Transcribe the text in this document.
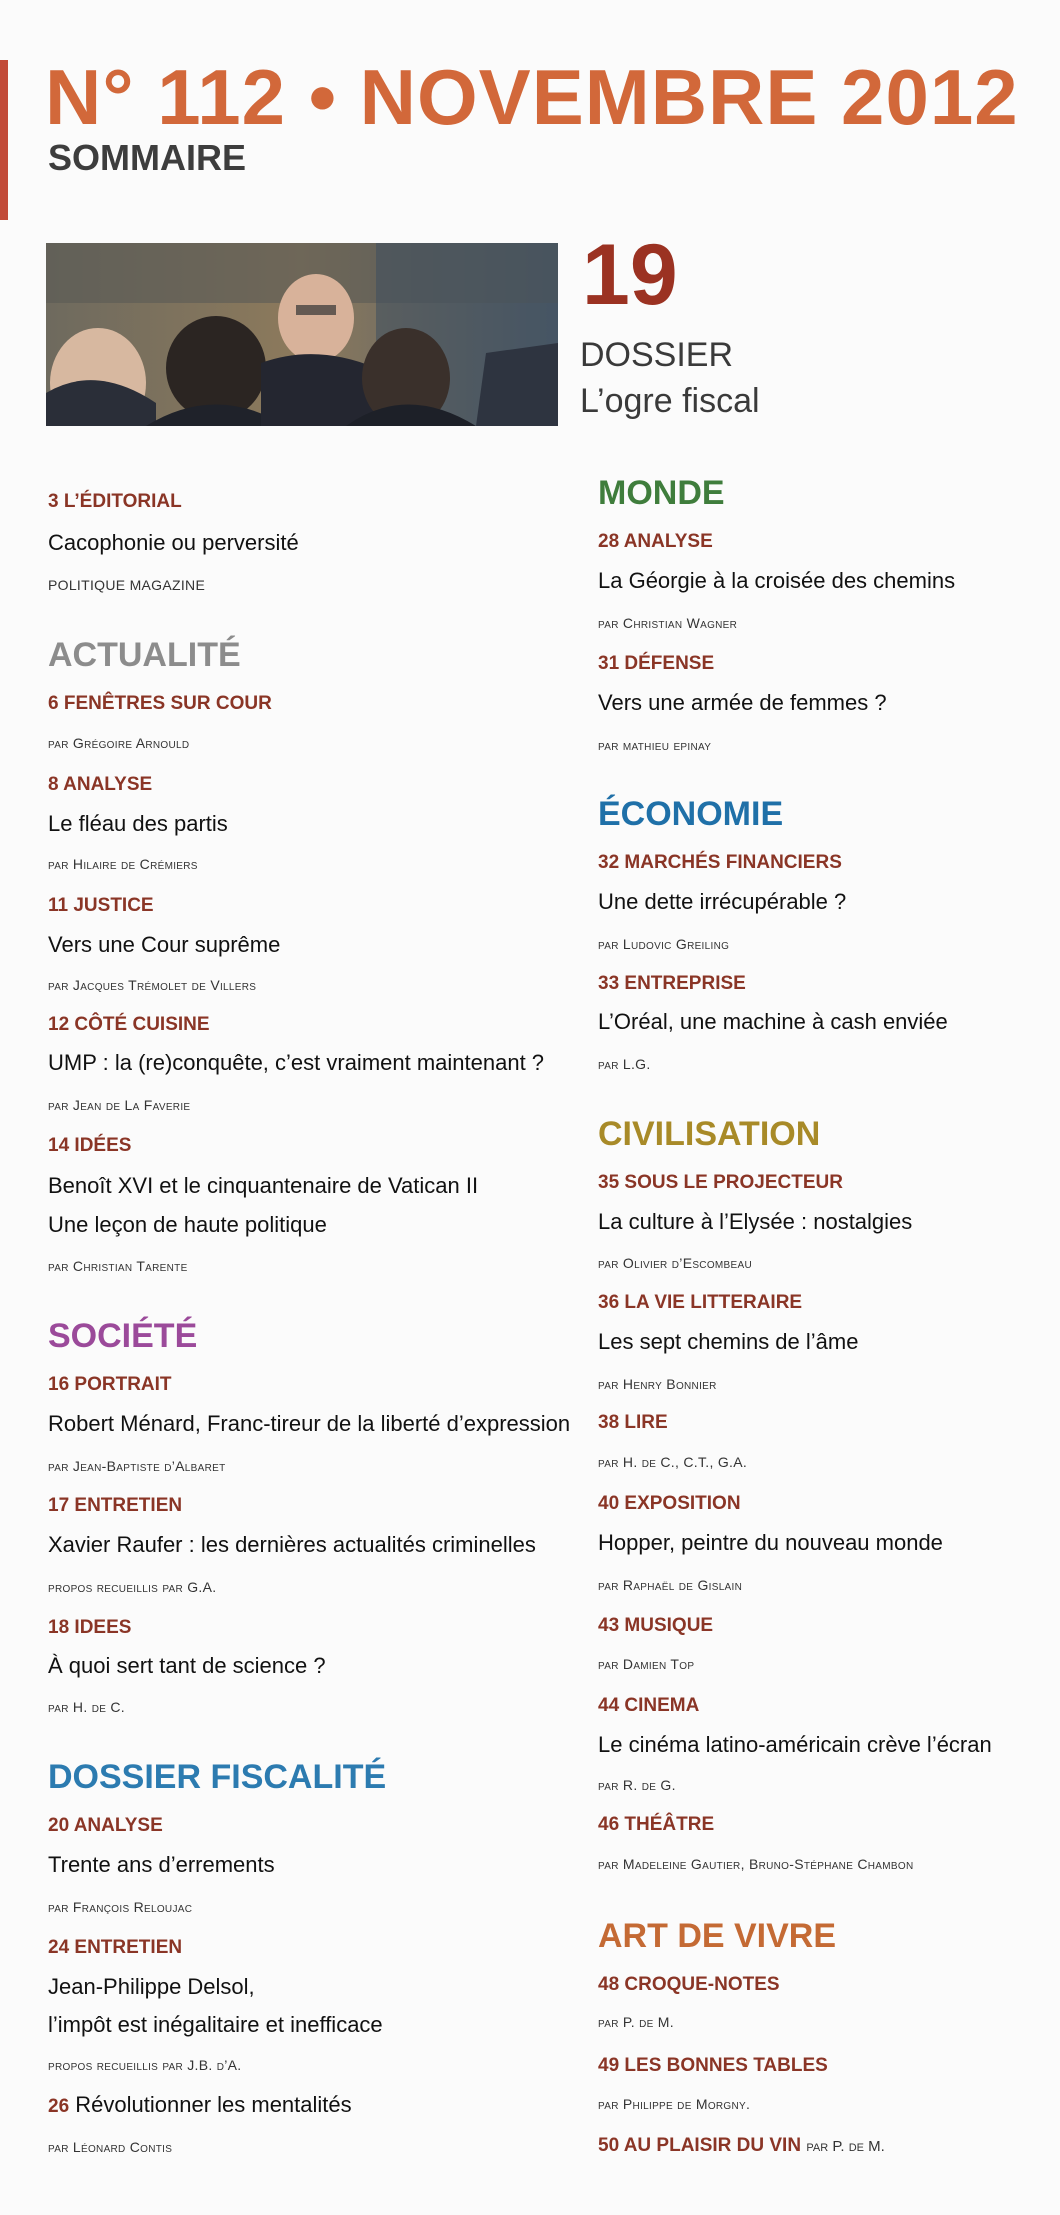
N° 112 • NOVEMBRE 2012
SOMMAIRE
19
DOSSIER
L’ogre fiscal
3 L’ÉDITORIAL
Cacophonie ou perversité
POLITIQUE MAGAZINE
ACTUALITÉ
6 FENÊTRES SUR COUR
par Grégoire Arnould
8 ANALYSE
Le fléau des partis
par Hilaire de Crémiers
11 JUSTICE
Vers une Cour suprême
par Jacques Trémolet de Villers
12 CÔTÉ CUISINE
UMP : la (re)conquête, c’est vraiment maintenant ?
par Jean de La Faverie
14 IDÉES
Benoît XVI et le cinquantenaire de Vatican II
Une leçon de haute politique
par Christian Tarente
SOCIÉTÉ
16 PORTRAIT
Robert Ménard, Franc-tireur de la liberté d’expression
par Jean-Baptiste d’Albaret
17 ENTRETIEN
Xavier Raufer : les dernières actualités criminelles
propos recueillis par G.A.
18 IDEES
À quoi sert tant de science ?
par H. de C.
DOSSIER FISCALITÉ
20 ANALYSE
Trente ans d’errements
par François Reloujac
24 ENTRETIEN
Jean-Philippe Delsol,
l’impôt est inégalitaire et inefficace
propos recueillis par J.B. d’A.
26 Révolutionner les mentalités
par Léonard Contis
MONDE
28 ANALYSE
La Géorgie à la croisée des chemins
par Christian Wagner
31 DÉFENSE
Vers une armée de femmes ?
par mathieu epinay
ÉCONOMIE
32 MARCHÉS FINANCIERS
Une dette irrécupérable ?
par Ludovic Greiling
33 ENTREPRISE
L’Oréal, une machine à cash enviée
par L.G.
CIVILISATION
35 SOUS LE PROJECTEUR
La culture à l’Elysée : nostalgies
par Olivier d’Escombeau
36 LA VIE LITTERAIRE
Les sept chemins de l’âme
par Henry Bonnier
38 LIRE
par H. de C., C.T., G.A.
40 EXPOSITION
Hopper, peintre du nouveau monde
par Raphaël de Gislain
43 MUSIQUE
par Damien Top
44 CINEMA
Le cinéma latino-américain crève l’écran
par R. de G.
46 THÉÂTRE
par Madeleine Gautier, Bruno-Stéphane Chambon
ART DE VIVRE
48 CROQUE-NOTES
par P. de M.
49 LES BONNES TABLES
par Philippe de Morgny.
50 AU PLAISIR DU VIN par P. de M.
